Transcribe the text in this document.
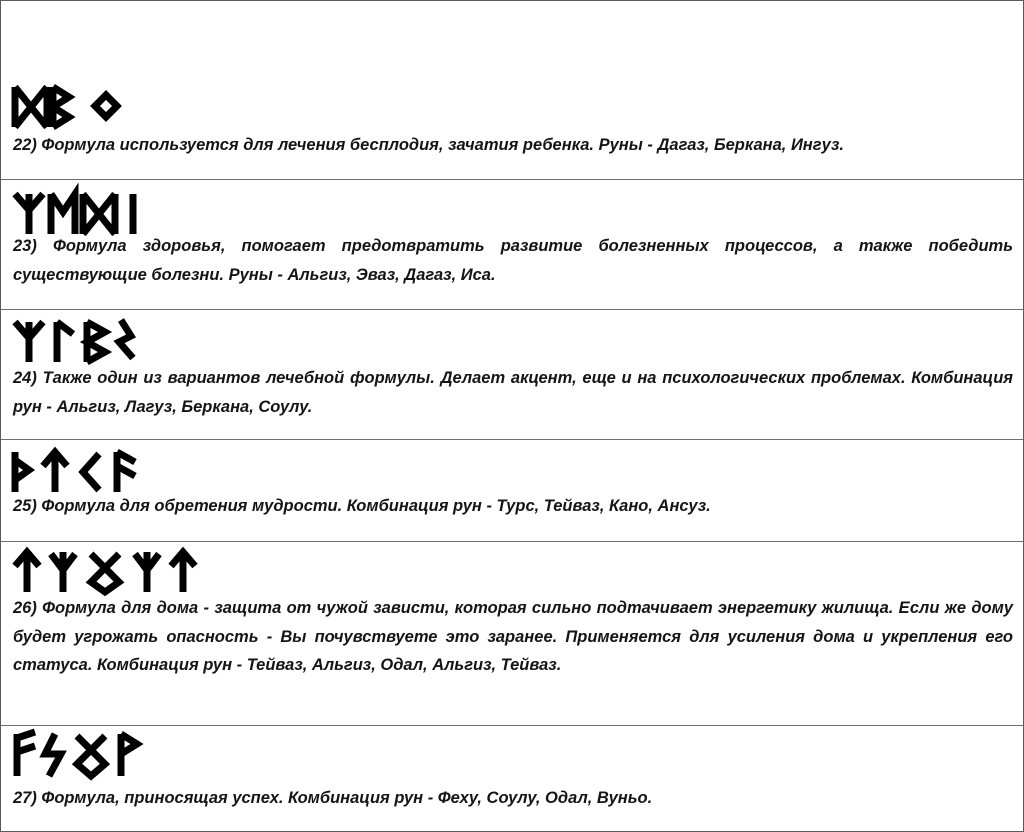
22) Формула используется для лечения бесплодия, зачатия ребенка. Руны - Дагаз, Беркана, Ингуз.
23) Формула здоровья, помогает предотвратить развитие болезненных процессов, а также победить существующие болезни. Руны - Альгиз, Эваз, Дагаз, Иса.
24) Также один из вариантов лечебной формулы. Делает акцент, еще и на психологических проблемах. Комбинация рун - Альгиз, Лагуз, Беркана, Соулу.
25) Формула для обретения мудрости. Комбинация рун - Турс, Тейваз, Кано, Ансуз.
26) Формула для дома - защита от чужой зависти, которая сильно подтачивает энергетику жилища. Если же дому будет угрожать опасность - Вы почувствуете это заранее. Применяется для усиления дома и укрепления его статуса. Комбинация рун - Тейваз, Альгиз, Одал, Альгиз, Тейваз.
27) Формула, приносящая успех. Комбинация рун - Феху, Соулу, Одал, Вуньо.
